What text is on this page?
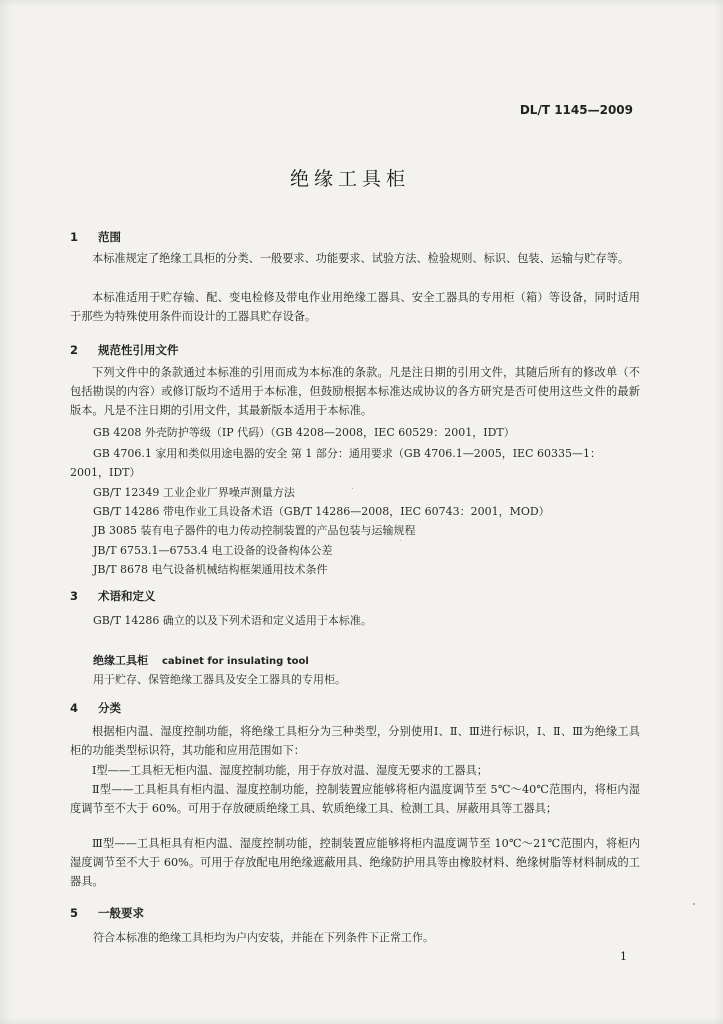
DL/T 1145—2009
绝缘工具柜
1 范围
本标准规定了绝缘工具柜的分类、一般要求、功能要求、试验方法、检验规则、标识、包装、运输与贮存等。
本标准适用于贮存输、配、变电检修及带电作业用绝缘工器具、安全工器具的专用柜（箱）等设备，同时适用于那些为特殊使用条件而设计的工器具贮存设备。
2 规范性引用文件
下列文件中的条款通过本标准的引用而成为本标准的条款。凡是注日期的引用文件，其随后所有的修改单（不包括勘误的内容）或修订版均不适用于本标准，但鼓励根据本标准达成协议的各方研究是否可使用这些文件的最新版本。凡是不注日期的引用文件，其最新版本适用于本标准。
GB 4208 外壳防护等级（IP 代码）（GB 4208—2008，IEC 60529：2001，IDT）
GB 4706.1 家用和类似用途电器的安全 第 1 部分：通用要求（GB 4706.1—2005，IEC 60335—1：
2001，IDT）
GB/T 12349 工业企业厂界噪声测量方法
GB/T 14286 带电作业工具设备术语（GB/T 14286—2008，IEC 60743：2001，MOD）
JB 3085 装有电子器件的电力传动控制装置的产品包装与运输规程
JB/T 6753.1—6753.4 电工设备的设备构体公差
JB/T 8678 电气设备机械结构框架通用技术条件
3 术语和定义
GB/T 14286 确立的以及下列术语和定义适用于本标准。
绝缘工具柜 cabinet for insulating tool
用于贮存、保管绝缘工器具及安全工器具的专用柜。
4 分类
根据柜内温、湿度控制功能，将绝缘工具柜分为三种类型，分别使用Ⅰ、Ⅱ、Ⅲ进行标识，Ⅰ、Ⅱ、Ⅲ为绝缘工具柜的功能类型标识符，其功能和应用范围如下：
Ⅰ型——工具柜无柜内温、湿度控制功能，用于存放对温、湿度无要求的工器具；
Ⅱ型——工具柜具有柜内温、湿度控制功能，控制装置应能够将柜内温度调节至 5℃～40℃范围内，将柜内湿度调节至不大于 60%。可用于存放硬质绝缘工具、软质绝缘工具、检测工具、屏蔽用具等工器具；
Ⅲ型——工具柜具有柜内温、湿度控制功能，控制装置应能够将柜内温度调节至 10℃～21℃范围内，将柜内湿度调节至不大于 60%。可用于存放配电用绝缘遮蔽用具、绝缘防护用具等由橡胶材料、绝缘树脂等材料制成的工器具。
5 一般要求
符合本标准的绝缘工具柜均为户内安装，并能在下列条件下正常工作。
1
